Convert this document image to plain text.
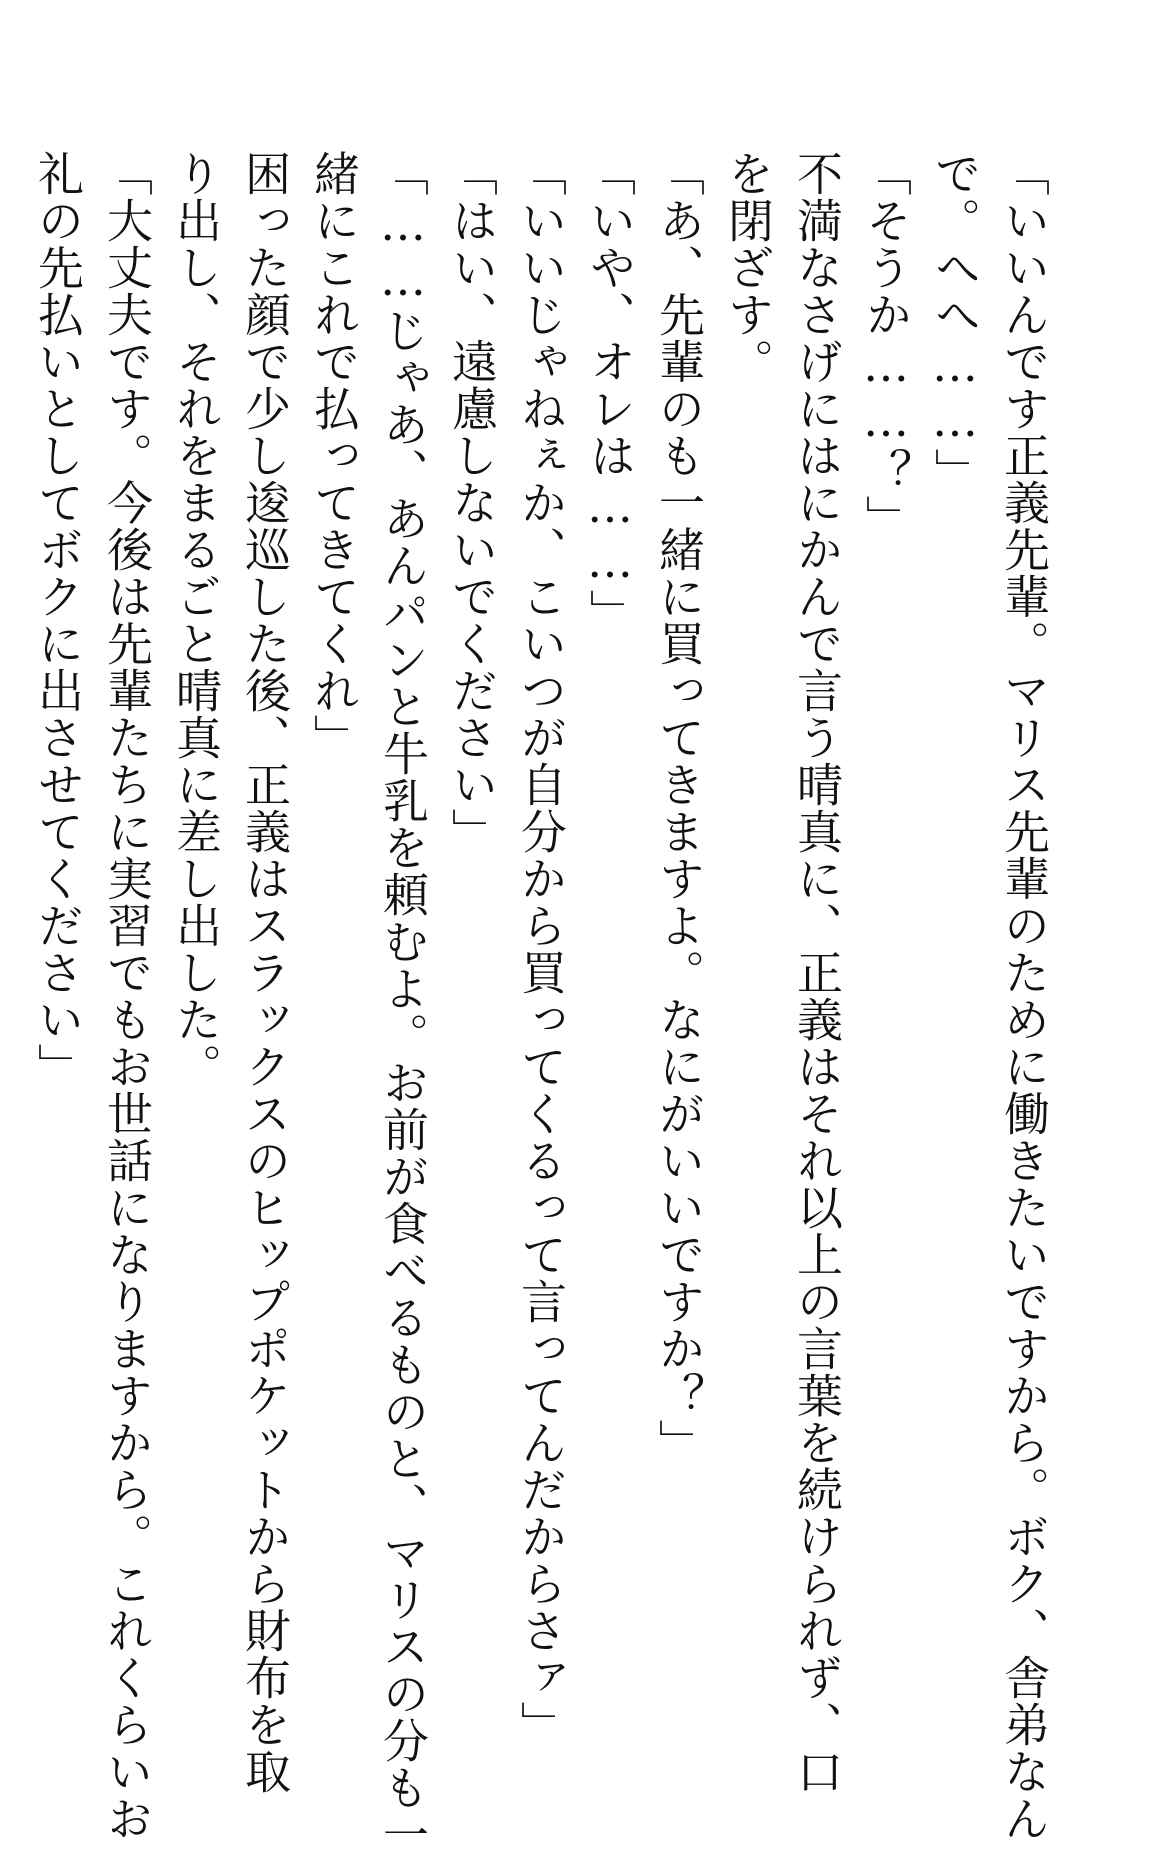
「いいんです正義先輩。マリス先輩のために働きたいですから。ボク、舎弟なん
で。へへ……」
「そうか……？」
不満なさげにはにかんで言う晴真に、正義はそれ以上の言葉を続けられず、口
を閉ざす。
「あ、先輩のも一緒に買ってきますよ。なにがいいですか？」
「いや、オレは……」
「いいじゃねぇか、こいつが自分から買ってくるって言ってんだからさァ」
「はい、遠慮しないでください」
「……じゃあ、あんパンと牛乳を頼むよ。お前が食べるものと、マリスの分も一
緒にこれで払ってきてくれ」
困った顔で少し逡巡した後、正義はスラックスのヒップポケットから財布を取
り出し、それをまるごと晴真に差し出した。
「大丈夫です。今後は先輩たちに実習でもお世話になりますから。これくらいお
礼の先払いとしてボクに出させてください」
